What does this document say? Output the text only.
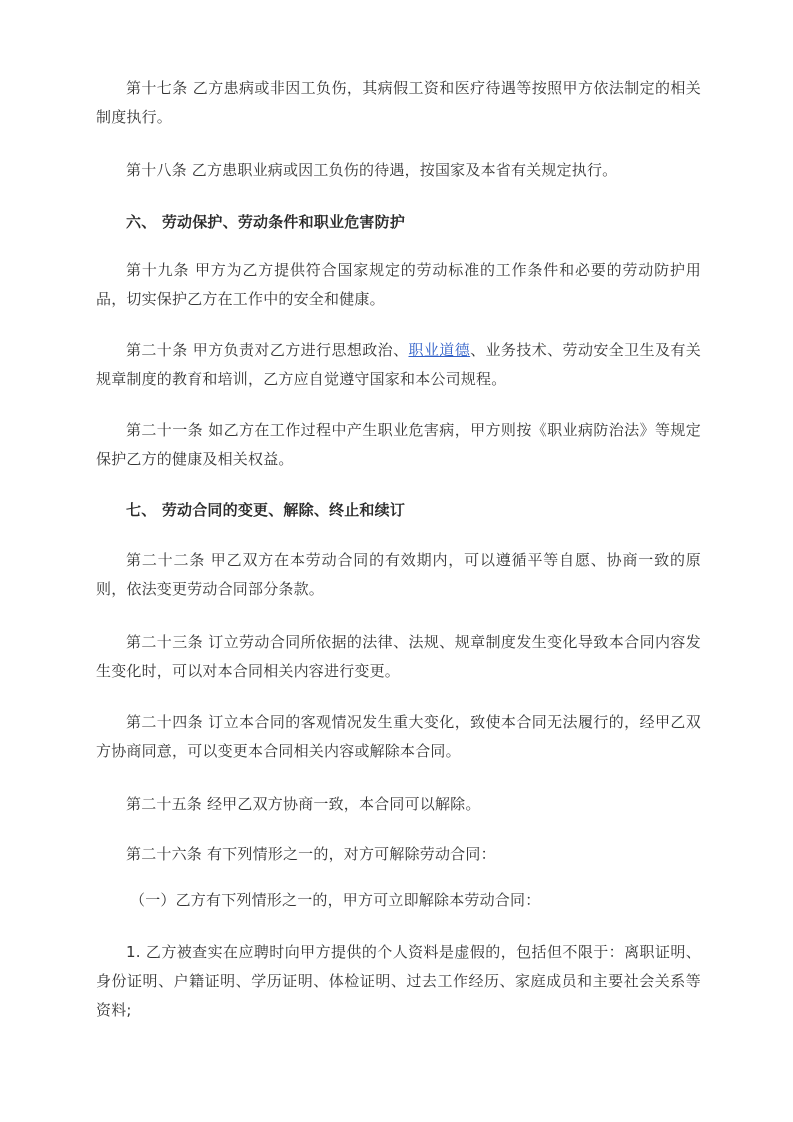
第十七条 乙方患病或非因工负伤，其病假工资和医疗待遇等按照甲方依法制定的相关制度执行。

第十八条 乙方患职业病或因工负伤的待遇，按国家及本省有关规定执行。

六、 劳动保护、劳动条件和职业危害防护

第十九条 甲方为乙方提供符合国家规定的劳动标准的工作条件和必要的劳动防护用品，切实保护乙方在工作中的安全和健康。

第二十条 甲方负责对乙方进行思想政治、职业道德、业务技术、劳动安全卫生及有关规章制度的教育和培训，乙方应自觉遵守国家和本公司规程。

第二十一条 如乙方在工作过程中产生职业危害病，甲方则按《职业病防治法》等规定保护乙方的健康及相关权益。

七、 劳动合同的变更、解除、终止和续订

第二十二条 甲乙双方在本劳动合同的有效期内，可以遵循平等自愿、协商一致的原则，依法变更劳动合同部分条款。

第二十三条 订立劳动合同所依据的法律、法规、规章制度发生变化导致本合同内容发生变化时，可以对本合同相关内容进行变更。

第二十四条 订立本合同的客观情况发生重大变化，致使本合同无法履行的，经甲乙双方协商同意，可以变更本合同相关内容或解除本合同。

第二十五条 经甲乙双方协商一致，本合同可以解除。

第二十六条 有下列情形之一的，对方可解除劳动合同：

（一）乙方有下列情形之一的，甲方可立即解除本劳动合同：

1. 乙方被查实在应聘时向甲方提供的个人资料是虚假的，包括但不限于：离职证明、身份证明、户籍证明、学历证明、体检证明、过去工作经历、家庭成员和主要社会关系等资料;
